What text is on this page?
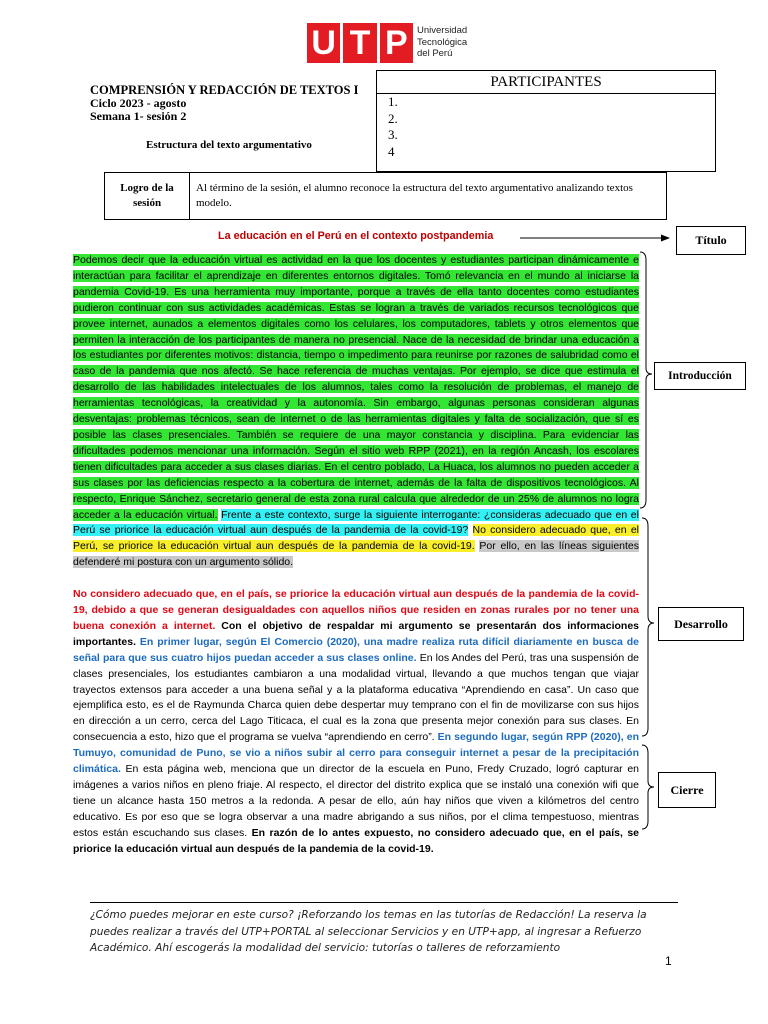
U T P Universidad
Tecnológica
del Perú
COMPRENSIÓN Y REDACCIÓN DE TEXTOS I
Ciclo 2023 - agosto
Semana 1- sesión 2
Estructura del texto argumentativo
PARTICIPANTES
1.
2.
3.
4
Logro de la sesión
Al término de la sesión, el alumno reconoce la estructura del texto argumentativo analizando textos modelo.
La educación en el Perú en el contexto postpandemia	Título

Podemos decir que la educación virtual es actividad en la que los docentes y estudiantes participan dinámicamente e interactúan para facilitar el aprendizaje en diferentes entornos digitales. Tomó relevancia en el mundo al iniciarse la pandemia Covid-19. Es una herramienta muy importante, porque a través de ella tanto docentes como estudiantes pudieron continuar con sus actividades académicas. Estas se logran a través de variados recursos tecnológicos que provee internet, aunados a elementos digitales como los celulares, los computadores, tablets y otros elementos que permiten la interacción de los participantes de manera no presencial. Nace de la necesidad de brindar una educación a los estudiantes por diferentes motivos: distancia, tiempo o impedimento para reunirse por razones de salubridad como el caso de la pandemia que nos afectó. Se hace referencia de muchas ventajas. Por ejemplo, se dice que estimula el desarrollo de las habilidades intelectuales de los alumnos, tales como la resolución de problemas, el manejo de herramientas tecnológicas, la creatividad y la autonomía. Sin embargo, algunas personas consideran algunas desventajas: problemas técnicos, sean de internet o de las herramientas digitales y falta de socialización, que sí es posible las clases presenciales. También se requiere de una mayor constancia y disciplina. Para evidenciar las dificultades podemos mencionar una información. Según el sitio web RPP (2021), en la región Ancash, los escolares tienen dificultades para acceder a sus clases diarias. En el centro poblado, La Huaca, los alumnos no pueden acceder a sus clases por las deficiencias respecto a la cobertura de internet, además de la falta de dispositivos tecnológicos. Al respecto, Enrique Sánchez, secretario general de esta zona rural calcula que alrededor de un 25% de alumnos no logra acceder a la educación virtual. Frente a este contexto, surge la siguiente interrogante: ¿consideras adecuado que en el Perú se priorice la educación virtual aun después de la pandemia de la covid-19? No considero adecuado que, en el Perú, se priorice la educación virtual aun después de la pandemia de la covid-19. Por ello, en las líneas siguientes defenderé mi postura con un argumento sólido.

No considero adecuado que, en el país, se priorice la educación virtual aun después de la pandemia de la covid-19, debido a que se generan desigualdades con aquellos niños que residen en zonas rurales por no tener una buena conexión a internet. Con el objetivo de respaldar mi argumento se presentarán dos informaciones importantes. En primer lugar, según El Comercio (2020), una madre realiza ruta difícil diariamente en busca de señal para que sus cuatro hijos puedan acceder a sus clases online. En los Andes del Perú, tras una suspensión de clases presenciales, los estudiantes cambiaron a una modalidad virtual, llevando a que muchos tengan que viajar trayectos extensos para acceder a una buena señal y a la plataforma educativa “Aprendiendo en casa”. Un caso que ejemplifica esto, es el de Raymunda Charca quien debe despertar muy temprano con el fin de movilizarse con sus hijos en dirección a un cerro, cerca del Lago Titicaca, el cual es la zona que presenta mejor conexión para sus clases. En consecuencia a esto, hizo que el programa se vuelva “aprendiendo en cerro”. En segundo lugar, según RPP (2020), en Tumuyo, comunidad de Puno, se vio a niños subir al cerro para conseguir internet a pesar de la precipitación climática. En esta página web, menciona que un director de la escuela en Puno, Fredy Cruzado, logró capturar en imágenes a varios niños en pleno friaje. Al respecto, el director del distrito explica que se instaló una conexión wifi que tiene un alcance hasta 150 metros a la redonda. A pesar de ello, aún hay niños que viven a kilómetros del centro educativo. Es por eso que se logra observar a una madre abrigando a sus niños, por el clima tempestuoso, mientras estos están escuchando sus clases. En razón de lo antes expuesto, no considero adecuado que, en el país, se priorice la educación virtual aun después de la pandemia de la covid-19.

Introducción
Desarrollo
Cierre
¿Cómo puedes mejorar en este curso? ¡Reforzando los temas en las tutorías de Redacción! La reserva la puedes realizar a través del UTP+PORTAL al seleccionar Servicios y en UTP+app, al ingresar a Refuerzo Académico. Ahí escogerás la modalidad del servicio: tutorías o talleres de reforzamiento
1
